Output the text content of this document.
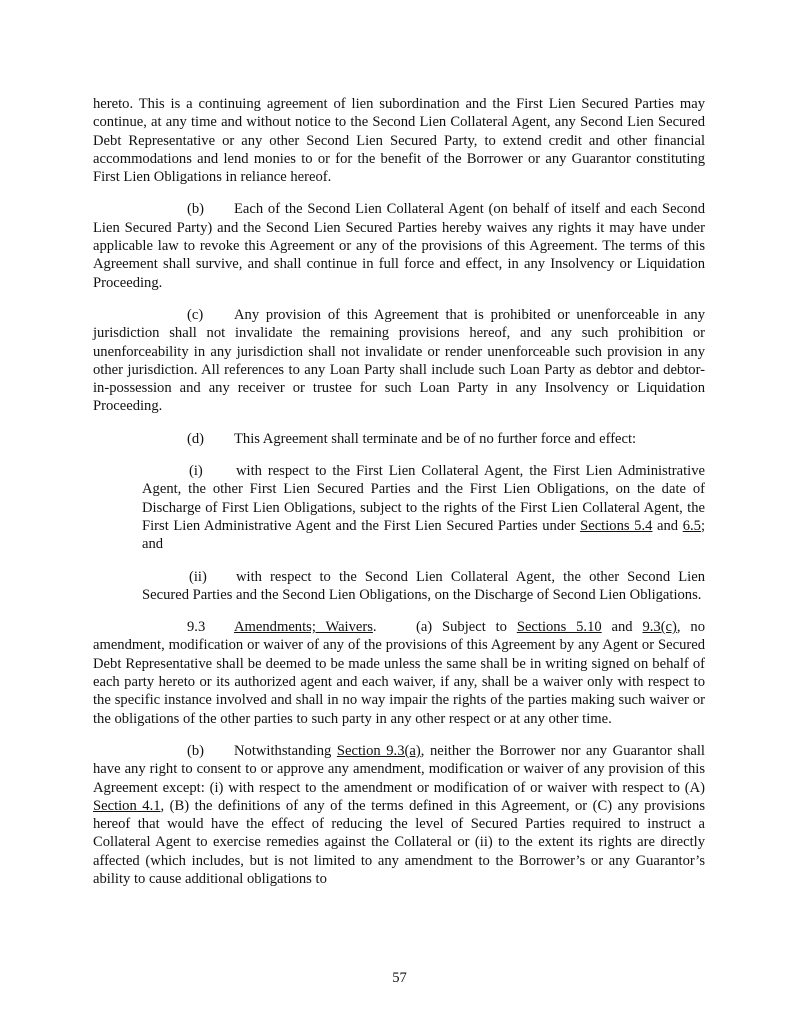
hereto. This is a continuing agreement of lien subordination and the First Lien Secured Parties may continue, at any time and without notice to the Second Lien Collateral Agent, any Second Lien Secured Debt Representative or any other Second Lien Secured Party, to extend credit and other financial accommodations and lend monies to or for the benefit of the Borrower or any Guarantor constituting First Lien Obligations in reliance hereof.

(b) Each of the Second Lien Collateral Agent (on behalf of itself and each Second Lien Secured Party) and the Second Lien Secured Parties hereby waives any rights it may have under applicable law to revoke this Agreement or any of the provisions of this Agreement. The terms of this Agreement shall survive, and shall continue in full force and effect, in any Insolvency or Liquidation Proceeding.

(c) Any provision of this Agreement that is prohibited or unenforceable in any jurisdiction shall not invalidate the remaining provisions hereof, and any such prohibition or unenforceability in any jurisdiction shall not invalidate or render unenforceable such provision in any other jurisdiction. All references to any Loan Party shall include such Loan Party as debtor and debtor-in-possession and any receiver or trustee for such Loan Party in any Insolvency or Liquidation Proceeding.

(d) This Agreement shall terminate and be of no further force and effect:

(i) with respect to the First Lien Collateral Agent, the First Lien Administrative Agent, the other First Lien Secured Parties and the First Lien Obligations, on the date of Discharge of First Lien Obligations, subject to the rights of the First Lien Collateral Agent, the First Lien Administrative Agent and the First Lien Secured Parties under Sections 5.4 and 6.5; and

(ii) with respect to the Second Lien Collateral Agent, the other Second Lien Secured Parties and the Second Lien Obligations, on the Discharge of Second Lien Obligations.

9.3 Amendments; Waivers.    (a) Subject to Sections 5.10 and 9.3(c), no amendment, modification or waiver of any of the provisions of this Agreement by any Agent or Secured Debt Representative shall be deemed to be made unless the same shall be in writing signed on behalf of each party hereto or its authorized agent and each waiver, if any, shall be a waiver only with respect to the specific instance involved and shall in no way impair the rights of the parties making such waiver or the obligations of the other parties to such party in any other respect or at any other time.

(b) Notwithstanding Section 9.3(a), neither the Borrower nor any Guarantor shall have any right to consent to or approve any amendment, modification or waiver of any provision of this Agreement except: (i) with respect to the amendment or modification of or waiver with respect to (A) Section 4.1, (B) the definitions of any of the terms defined in this Agreement, or (C) any provisions hereof that would have the effect of reducing the level of Secured Parties required to instruct a Collateral Agent to exercise remedies against the Collateral or (ii) to the extent its rights are directly affected (which includes, but is not limited to any amendment to the Borrower’s or any Guarantor’s ability to cause additional obligations to

57
